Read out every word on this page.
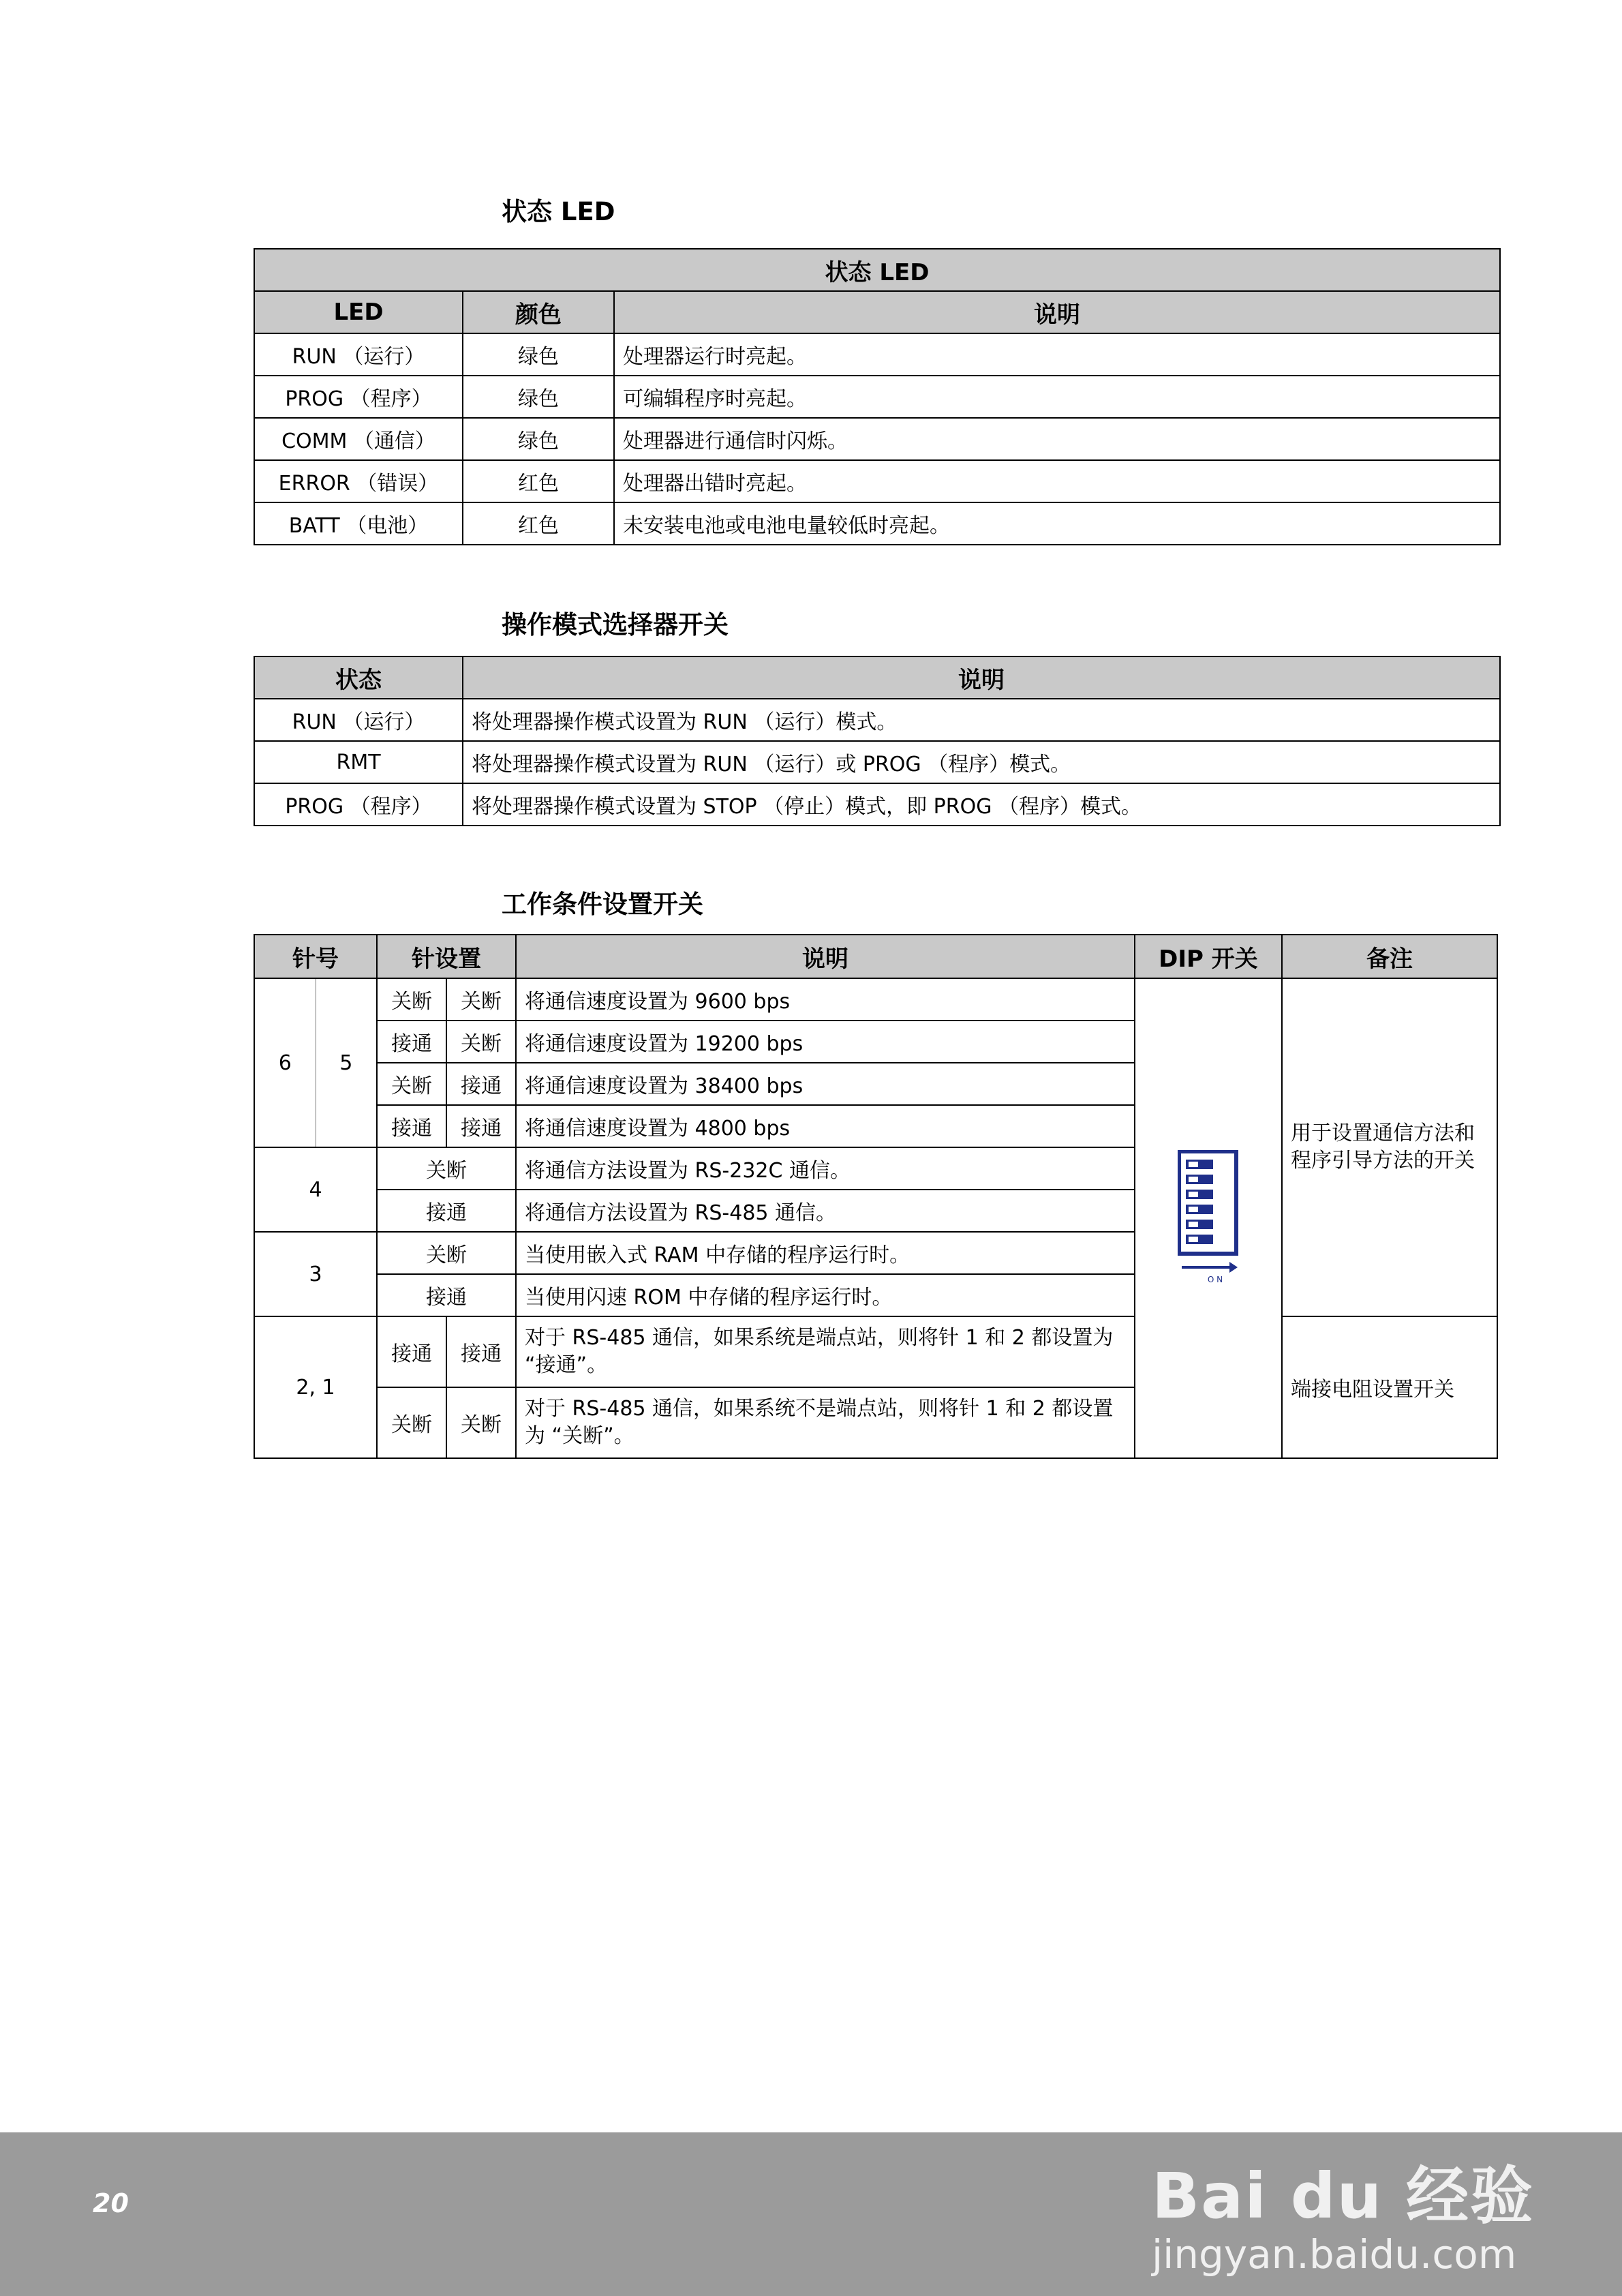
状态 LED
状态 LED		
LED	颜色	说明
RUN （运行）	绿色	处理器运行时亮起。
PROG （程序）	绿色	可编辑程序时亮起。
COMM （通信）	绿色	处理器进行通信时闪烁。
ERROR （错误）	红色	处理器出错时亮起。
BATT （电池）	红色	未安装电池或电池电量较低时亮起。
操作模式选择器开关
状态	说明
RUN （运行）	将处理器操作模式设置为 RUN （运行）模式。
RMT	将处理器操作模式设置为 RUN （运行）或 PROG （程序）模式。
PROG （程序）	将处理器操作模式设置为 STOP （停止）模式，即 PROG （程序）模式。
工作条件设置开关
针号		针设置		说明	DIP 开关	备注
6	5	关断	关断	将通信速度设置为 9600 bps	O N	用于设置通信方法和程序引导方法的开关
		接通	关断	将通信速度设置为 19200 bps		
		关断	接通	将通信速度设置为 38400 bps		
		接通	接通	将通信速度设置为 4800 bps		
4		关断		将通信方法设置为 RS-232C 通信。		
		接通		将通信方法设置为 RS-485 通信。		
3		关断		当使用嵌入式 RAM 中存储的程序运行时。		
		接通		当使用闪速 ROM 中存储的程序运行时。		
2, 1		接通	接通	对于 RS-485 通信，如果系统是端点站，则将针 1 和 2 都设置为 “接通”。		端接电阻设置开关
		关断	关断	对于 RS-485 通信，如果系统不是端点站，则将针 1 和 2 都设置为 “关断”。		
20	Bai du 经验
jingyan.baidu.com
